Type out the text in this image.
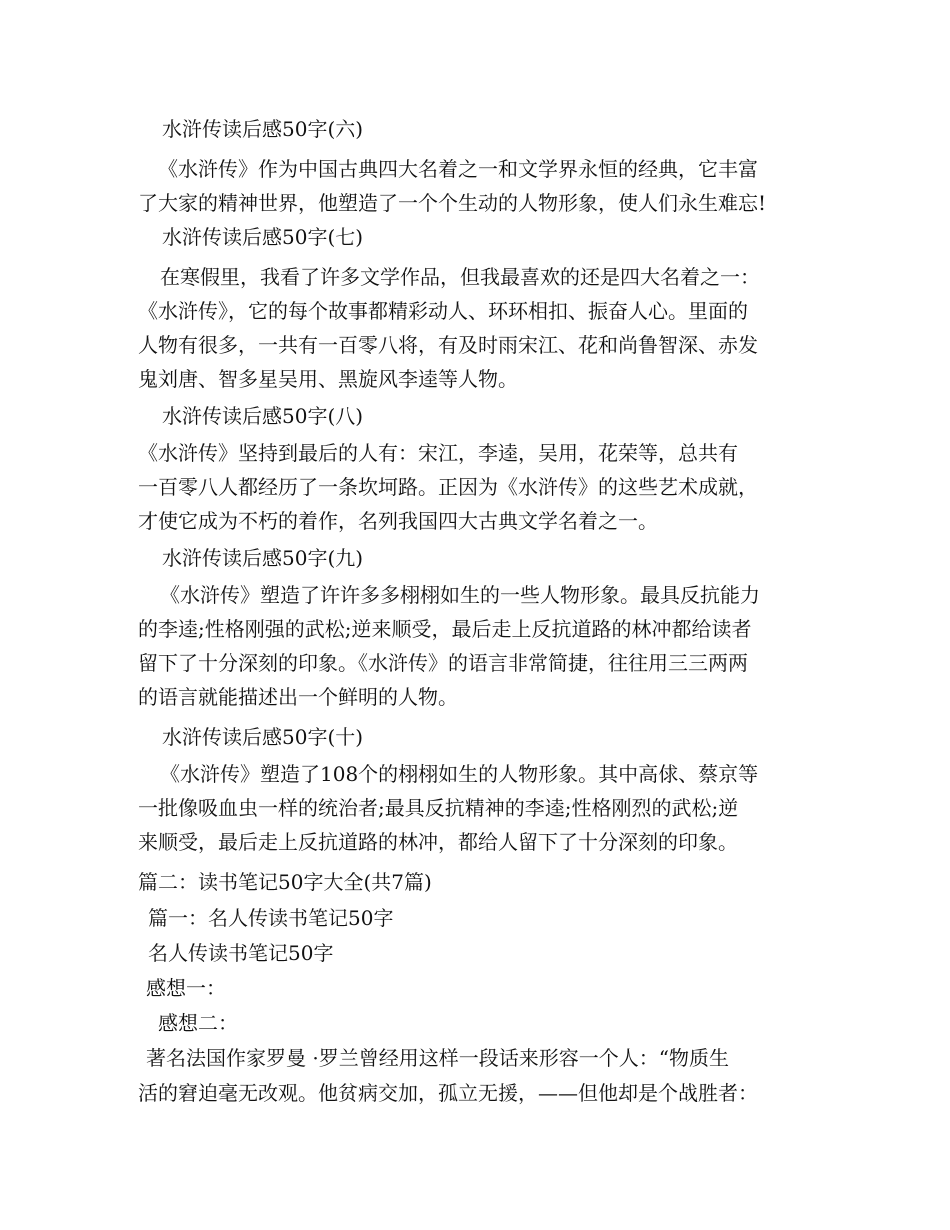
水浒传读后感50字(六)
《水浒传》作为中国古典四大名着之一和文学界永恒的经典，它丰富
了大家的精神世界，他塑造了一个个生动的人物形象，使人们永生难忘!
水浒传读后感50字(七)
在寒假里，我看了许多文学作品，但我最喜欢的还是四大名着之一：
《水浒传》，它的每个故事都精彩动人、环环相扣、振奋人心。里面的
人物有很多，一共有一百零八将，有及时雨宋江、花和尚鲁智深、赤发
鬼刘唐、智多星吴用、黑旋风李逵等人物。
水浒传读后感50字(八)
《水浒传》坚持到最后的人有：宋江，李逵，吴用，花荣等，总共有
一百零八人都经历了一条坎坷路。正因为《水浒传》的这些艺术成就，
才使它成为不朽的着作，名列我国四大古典文学名着之一。
水浒传读后感50字(九)
《水浒传》塑造了许许多多栩栩如生的一些人物形象。最具反抗能力
的李逵;性格刚强的武松;逆来顺受，最后走上反抗道路的林冲都给读者
留下了十分深刻的印象。《水浒传》的语言非常简捷，往往用三三两两
的语言就能描述出一个鲜明的人物。
水浒传读后感50字(十)
《水浒传》塑造了108个的栩栩如生的人物形象。其中高俅、蔡京等
一批像吸血虫一样的统治者;最具反抗精神的李逵;性格刚烈的武松;逆
来顺受，最后走上反抗道路的林冲，都给人留下了十分深刻的印象。
篇二：读书笔记50字大全(共7篇)
篇一：名人传读书笔记50字
名人传读书笔记50字
感想一：
感想二：
著名法国作家罗曼 ·罗兰曾经用这样一段话来形容一个人：“物质生
活的窘迫毫无改观。他贫病交加，孤立无援，——但他却是个战胜者：
